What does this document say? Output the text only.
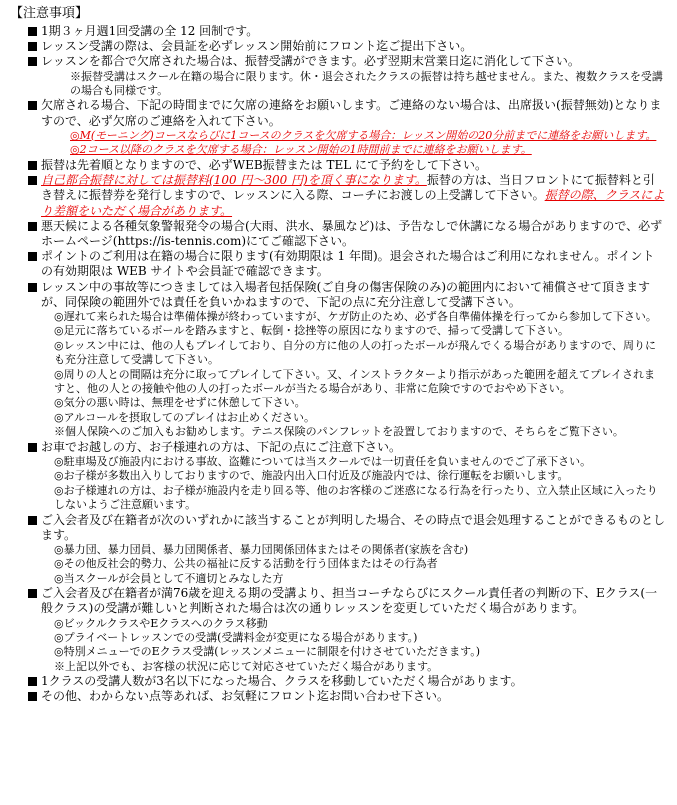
【注意事項】

1期３ヶ月週1回受講の全 12 回制です。

レッスン受講の際は、会員証を必ずレッスン開始前にフロント迄ご提出下さい。

レッスンを都合で欠席された場合は、振替受講ができます。必ず翌期末営業日迄に消化して下さい。

※振替受講はスクール在籍の場合に限ります。休・退会されたクラスの振替は持ち越せません。また、複数クラスを受講の場合も同様です。

欠席される場合、下記の時間までに欠席の連絡をお願いします。ご連絡のない場合は、出席扱い(振替無効)となりますので、必ず欠席のご連絡を入れて下さい。

◎M(モーニング)コースならびに1コースのクラスを欠席する場合：レッスン開始の20分前までに連絡をお願いします。
◎2コース以降のクラスを欠席する場合：レッスン開始の1時間前までに連絡をお願いします。

振替は先着順となりますので、必ずWEB振替または TEL にて予約をして下さい。

自己都合振替に対しては振替料(100 円～300 円)を頂く事になります。振替の方は、当日フロントにて振替料と引き替えに振替券を発行しますので、レッスンに入る際、コーチにお渡しの上受講して下さい。振替の際、クラスにより差額をいただく場合があります。

悪天候による各種気象警報発令の場合(大雨、洪水、暴風など)は、予告なしで休講になる場合がありますので、必ずホームページ(https://is-tennis.com)にてご確認下さい。

ポイントのご利用は在籍の場合に限ります(有効期限は 1 年間)。退会された場合はご利用になれません。ポイントの有効期限は WEB サイトや会員証で確認できます。

レッスン中の事故等につきましては入場者包括保険(ご自身の傷害保険のみ)の範囲内において補償させて頂きますが、同保険の範囲外では責任を負いかねますので、下記の点に充分注意して受講下さい。

◎遅れて来られた場合は準備体操が終わっていますが、ケガ防止のため、必ず各自準備体操を行ってから参加して下さい。
◎足元に落ちているボールを踏みますと、転倒・捻挫等の原因になりますので、掃って受講して下さい。
◎レッスン中には、他の人もプレイしており、自分の方に他の人の打ったボールが飛んでくる場合がありますので、周りにも充分注意して受講して下さい。
◎周りの人との間隔は充分に取ってプレイして下さい。又、インストラクターより指示があった範囲を超えてプレイされますと、他の人との接触や他の人の打ったボールが当たる場合があり、非常に危険ですのでおやめ下さい。
◎気分の悪い時は、無理をせずに休憩して下さい。
◎アルコールを摂取してのプレイはお止めください。
※個人保険へのご加入もお勧めします。テニス保険のパンフレットを設置しておりますので、そちらをご覧下さい。

お車でお越しの方、お子様連れの方は、下記の点にご注意下さい。

◎駐車場及び施設内における事故、盗難については当スクールでは一切責任を負いませんのでご了承下さい。
◎お子様が多数出入りしておりますので、施設内出入口付近及び施設内では、徐行運転をお願いします。
◎お子様連れの方は、お子様が施設内を走り回る等、他のお客様のご迷惑になる行為を行ったり、立入禁止区域に入ったりしないようご注意願います。

ご入会者及び在籍者が次のいずれかに該当することが判明した場合、その時点で退会処理することができるものとします。

◎暴力団、暴力団員、暴力団関係者、暴力団関係団体またはその関係者(家族を含む)
◎その他反社会的勢力、公共の福祉に反する活動を行う団体またはその行為者
◎当スクールが会員として不適切とみなした方

ご入会者及び在籍者が満76歳を迎える期の受講より、担当コーチならびにスクール責任者の判断の下、Eクラス(一般クラス)の受講が難しいと判断された場合は次の通りレッスンを変更していただく場合があります。

◎ビックルクラスやEクラスへのクラス移動
◎プライベートレッスンでの受講(受講料金が変更になる場合があります。)
◎特別メニューでのEクラス受講(レッスンメニューに制限を付けさせていただきます。)
※上記以外でも、お客様の状況に応じて対応させていただく場合があります。

1クラスの受講人数が3名以下になった場合、クラスを移動していただく場合があります。

その他、わからない点等あれば、お気軽にフロント迄お問い合わせ下さい。
